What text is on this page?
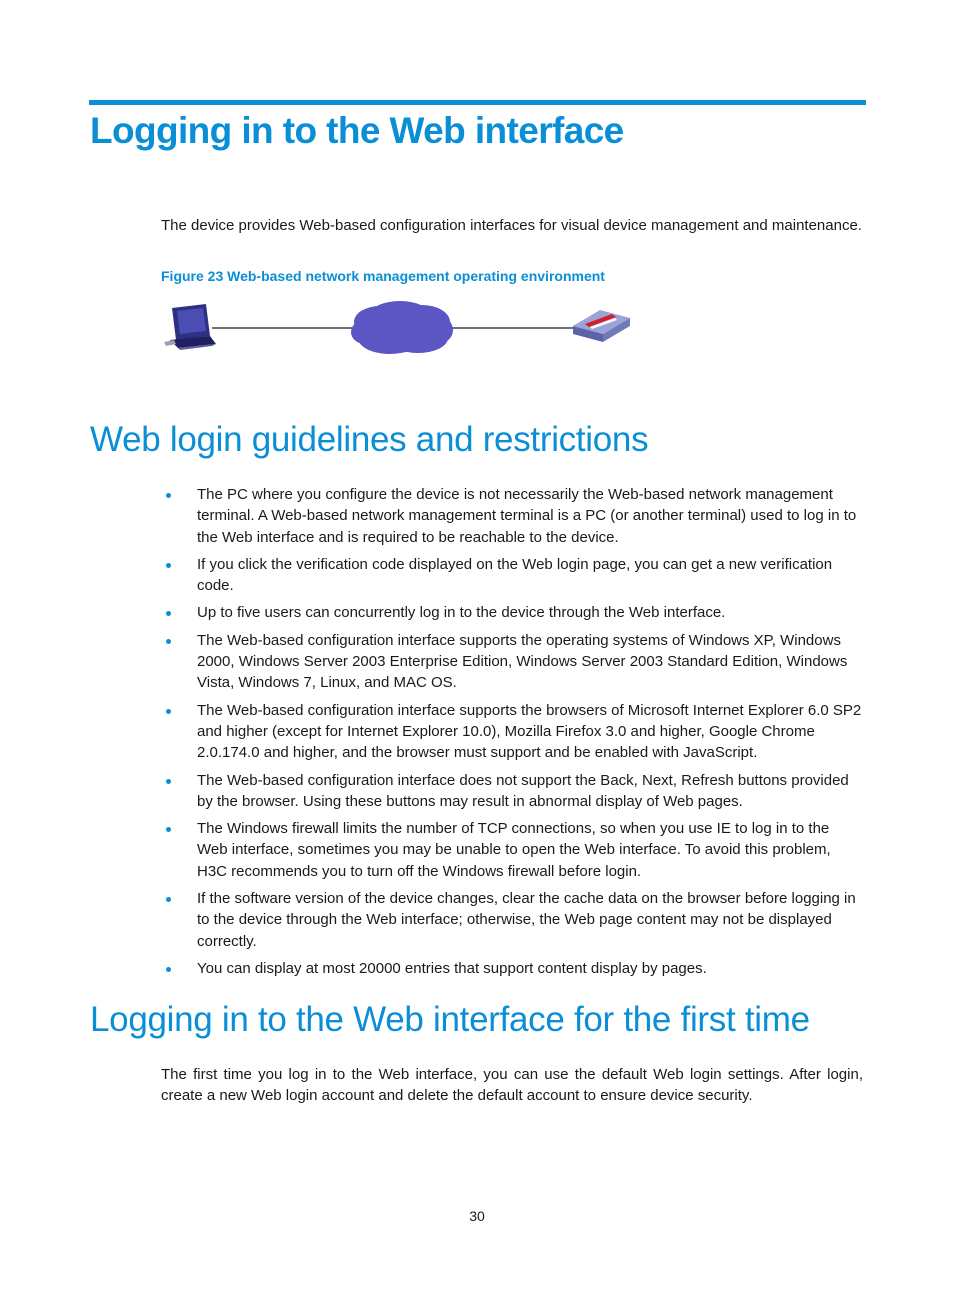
Logging in to the Web interface

The device provides Web-based configuration interfaces for visual device management and maintenance.

Figure 23 Web-based network management operating environment

Web login guidelines and restrictions
The PC where you configure the device is not necessarily the Web-based network management terminal. A Web-based network management terminal is a PC (or another terminal) used to log in to the Web interface and is required to be reachable to the device.
If you click the verification code displayed on the Web login page, you can get a new verification code.
Up to five users can concurrently log in to the device through the Web interface.
The Web-based configuration interface supports the operating systems of Windows XP, Windows 2000, Windows Server 2003 Enterprise Edition, Windows Server 2003 Standard Edition, Windows Vista, Windows 7, Linux, and MAC OS.
The Web-based configuration interface supports the browsers of Microsoft Internet Explorer 6.0 SP2 and higher (except for Internet Explorer 10.0), Mozilla Firefox 3.0 and higher, Google Chrome 2.0.174.0 and higher, and the browser must support and be enabled with JavaScript.
The Web-based configuration interface does not support the Back, Next, Refresh buttons provided by the browser. Using these buttons may result in abnormal display of Web pages.
The Windows firewall limits the number of TCP connections, so when you use IE to log in to the Web interface, sometimes you may be unable to open the Web interface. To avoid this problem, H3C recommends you to turn off the Windows firewall before login.
If the software version of the device changes, clear the cache data on the browser before logging in to the device through the Web interface; otherwise, the Web page content may not be displayed correctly.
You can display at most 20000 entries that support content display by pages.
Logging in to the Web interface for the first time

The first time you log in to the Web interface, you can use the default Web login settings. After login, create a new Web login account and delete the default account to ensure device security.

30
